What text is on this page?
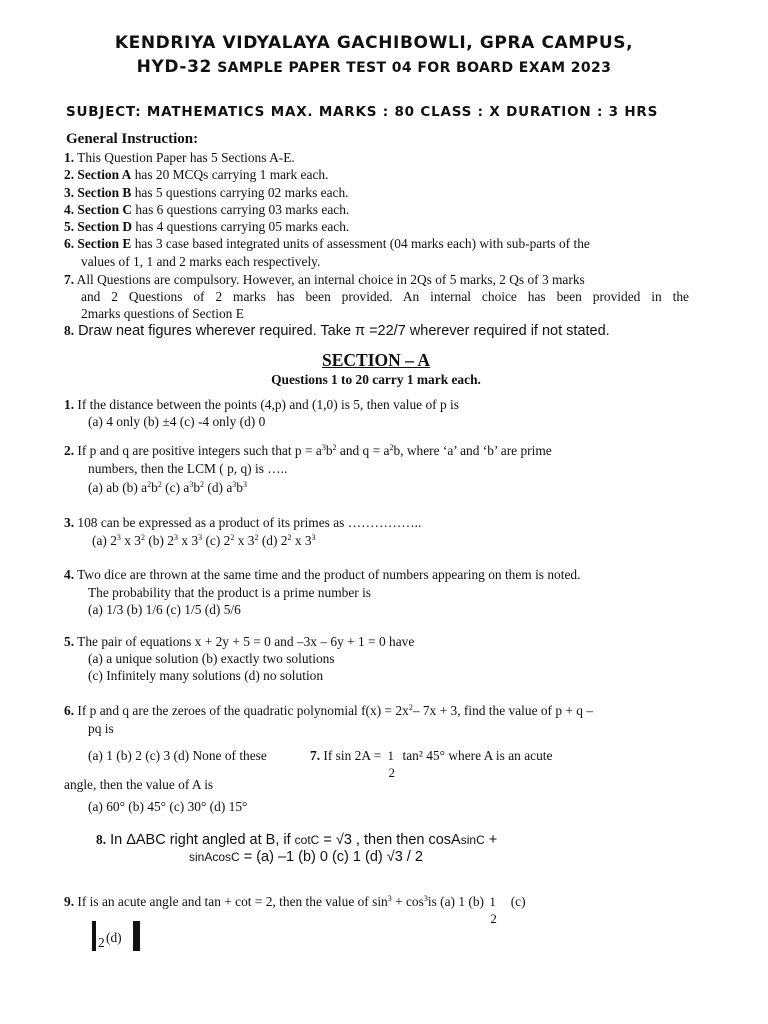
KENDRIYA VIDYALAYA GACHIBOWLI, GPRA CAMPUS,
HYD-32 SAMPLE PAPER TEST 04 FOR BOARD EXAM 2023
SUBJECT: MATHEMATICS MAX. MARKS : 80 CLASS : X DURATION : 3 HRS
General Instruction:
1. This Question Paper has 5 Sections A-E.
2. Section A has 20 MCQs carrying 1 mark each.
3. Section B has 5 questions carrying 02 marks each.
4. Section C has 6 questions carrying 03 marks each.
5. Section D has 4 questions carrying 05 marks each.
6. Section E has 3 case based integrated units of assessment (04 marks each) with sub-parts of the
values of 1, 1 and 2 marks each respectively.
7. All Questions are compulsory. However, an internal choice in 2Qs of 5 marks, 2 Qs of 3 marks
and 2 Questions of 2 marks has been provided. An internal choice has been provided in the
2marks questions of Section E
8. Draw neat figures wherever required. Take π =22/7 wherever required if not stated.
SECTION – A
Questions 1 to 20 carry 1 mark each.
1. If the distance between the points (4,p) and (1,0) is 5, then value of p is
(a) 4 only (b) ±4 (c) -4 only (d) 0
2. If p and q are positive integers such that $p = a^3b^2$ and $q = a^2b$, where ‘a’ and ‘b’ are prime
numbers, then the LCM ( p, q) is …..
(a) ab (b) $a^2b^2$ (c) $a^3b^2$ (d) $a^3b^3$
3. 108 can be expressed as a product of its primes as ……………..
(a) $2^3$ x $3^2$ (b) $2^3$ x $3^3$ (c) $2^2$ x $3^2$ (d) $2^2$ x $3^3$
4. Two dice are thrown at the same time and the product of numbers appearing on them is noted.
The probability that the product is a prime number is
(a) 1/3 (b) 1/6 (c) 1/5 (d) 5/6
5. The pair of equations x + 2y + 5 = 0 and –3x – 6y + 1 = 0 have
(a) a unique solution (b) exactly two solutions
(c) Infinitely many solutions (d) no solution
6. If p and q are the zeroes of the quadratic polynomial $f(x) = 2x^2-$ 7x + 3, find the value of p + q –
pq is
(a) 1 (b) 2 (c) 3 (d) None of these	7. If sin 2A = 1
2
tan² 45° where A is an acute
angle, then the value of A is
(a) 60° (b) 45° (c) 30° (d) 15°
8. In ΔABC right angled at B, if cotC = √3 , then then cosAsinC +
sinAcosC = (a) –1 (b) 0 (c) 1 (d) √3 / 2
9. If is an acute angle and tan + cot = 2, then the value of $\sin^3 + \cos^3is$ (a) 1 (b) 1
2
(c)
2 (d)
